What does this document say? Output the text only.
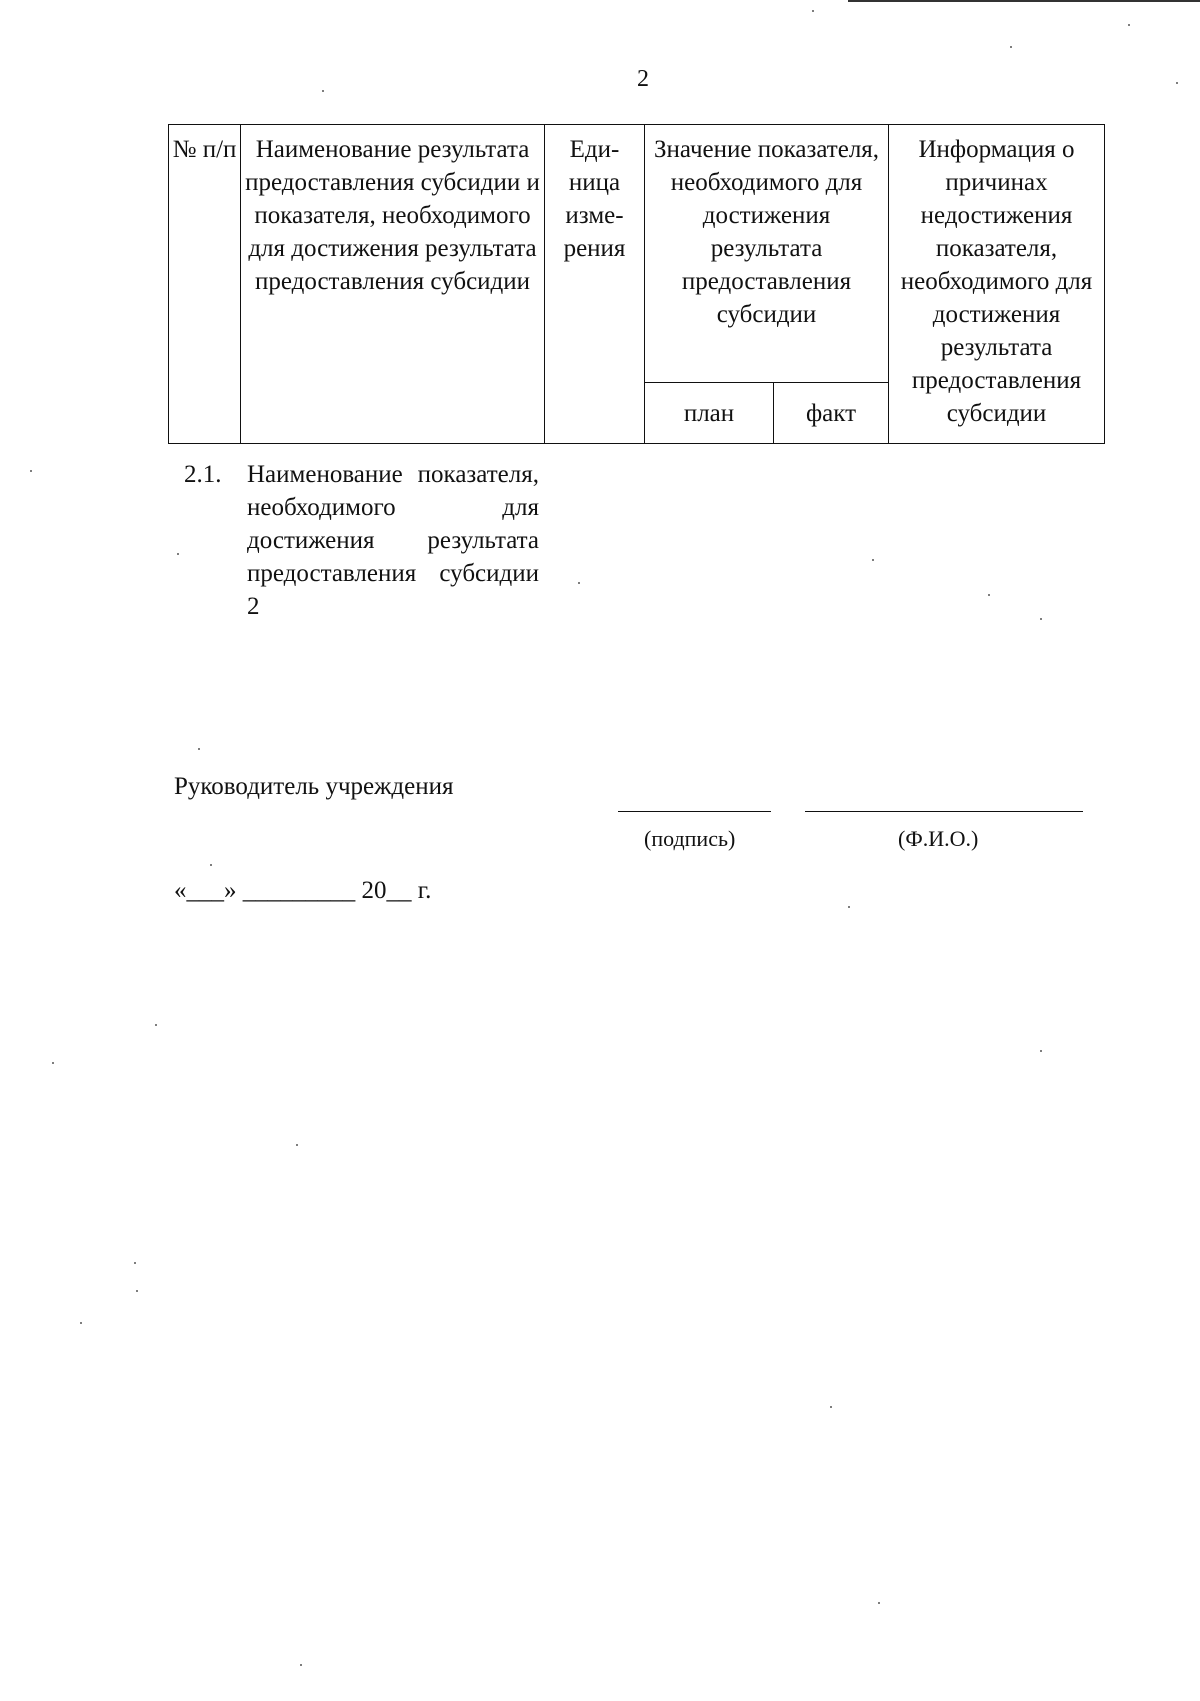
2
№ п/п	Наименование результата предоставления субсидии и показателя, необходимого для достижения результата предоставления субсидии	Еди-ница изме-рения	Значение показателя, необходимого для достижения результата предоставления субсидии		Информация о причинах недостижения показателя, необходимого для достижения результата предоставления субсидии
			план	факт	
2.1.	Наименование показателя, необходимого для достижения результата предоставления субсидии 2
Руководитель учреждения
(подпись)	(Ф.И.О.)
«___» _________ 20__ г.
